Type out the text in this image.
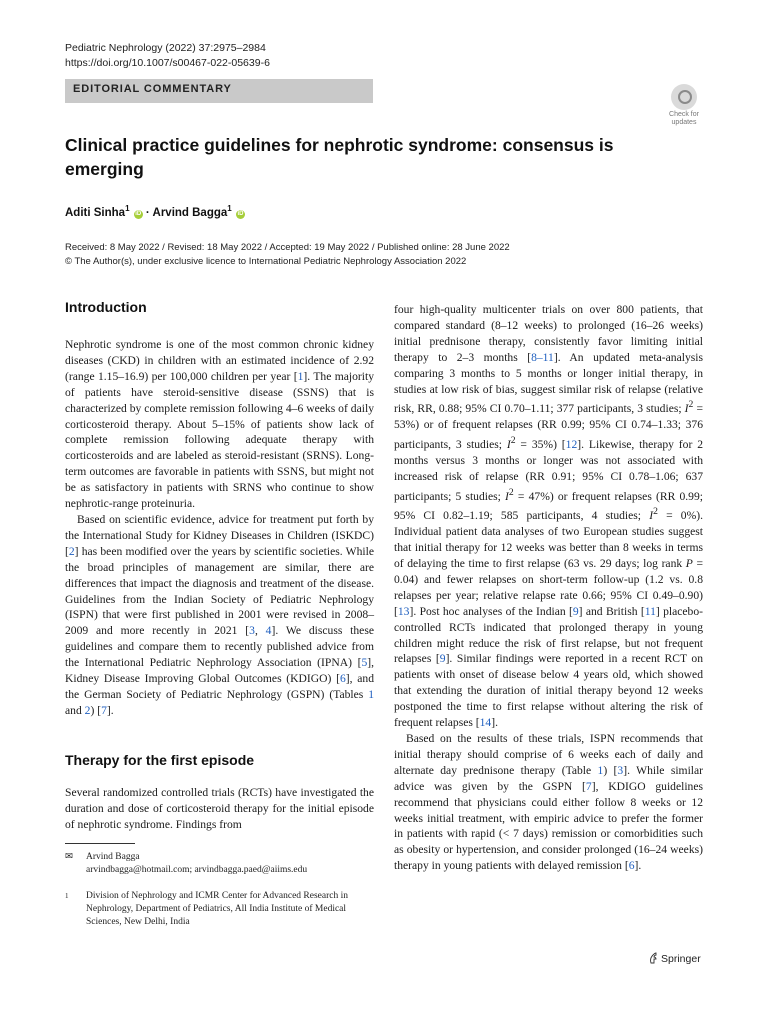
Pediatric Nephrology (2022) 37:2975–2984
https://doi.org/10.1007/s00467-022-05639-6
EDITORIAL COMMENTARY
Check for updates
Clinical practice guidelines for nephrotic syndrome: consensus is emerging
Aditi Sinha$^1$ iD · Arvind Bagga$^1$ iD
Received: 8 May 2022 / Revised: 18 May 2022 / Accepted: 19 May 2022 / Published online: 28 June 2022
© The Author(s), under exclusive licence to International Pediatric Nephrology Association 2022
Introduction

Nephrotic syndrome is one of the most common chronic kidney diseases (CKD) in children with an estimated incidence of 2.92 (range 1.15–16.9) per 100,000 children per year [1]. The majority of patients have steroid-sensitive disease (SSNS) that is characterized by complete remission following 4–6 weeks of daily corticosteroid therapy. About 5–15% of patients show lack of complete remission following adequate therapy with corticosteroids and are labeled as steroid-resistant (SRNS). Long-term outcomes are favorable in patients with SSNS, but might not be as satisfactory in patients with SRNS who continue to show nephrotic-range proteinuria.

Based on scientific evidence, advice for treatment put forth by the International Study for Kidney Diseases in Children (ISKDC) [2] has been modified over the years by scientific societies. While the broad principles of management are similar, there are differences that impact the diagnosis and treatment of the disease. Guidelines from the Indian Society of Pediatric Nephrology (ISPN) that were first published in 2001 were revised in 2008–2009 and more recently in 2021 [3, 4]. We discuss these guidelines and compare them to recently published advice from the International Pediatric Nephrology Association (IPNA) [5], Kidney Disease Improving Global Outcomes (KDIGO) [6], and the German Society of Pediatric Nephrology (GSPN) (Tables 1 and 2) [7].

Therapy for the first episode

Several randomized controlled trials (RCTs) have investigated the duration and dose of corticosteroid therapy for the initial episode of nephrotic syndrome. Findings from

✉	Arvind Bagga
arvindbagga@hotmail.com; arvindbagga.paed@aiims.edu
1	Division of Nephrology and ICMR Center for Advanced Research in Nephrology, Department of Pediatrics, All India Institute of Medical Sciences, New Delhi, India

four high-quality multicenter trials on over 800 patients, that compared standard (8–12 weeks) to prolonged (16–26 weeks) initial prednisone therapy, consistently favor limiting initial therapy to 2–3 months [8–11]. An updated meta-analysis comparing 3 months to 5 months or longer initial therapy, in studies at low risk of bias, suggest similar risk of relapse (relative risk, RR, 0.88; 95% CI 0.70–1.11; 377 participants, 3 studies; $I^2 = 53\%$) or of frequent relapses (RR 0.99; 95% CI 0.74–1.33; 376 participants, 3 studies; $I^2 = 35\%$) [12]. Likewise, therapy for 2 months versus 3 months or longer was not associated with increased risk of relapse (RR 0.91; 95% CI 0.78–1.06; 637 participants; 5 studies; $I^2 = 47\%$) or frequent relapses (RR 0.99; 95% CI 0.82–1.19; 585 participants, 4 studies; $I^2 = 0\%$). Individual patient data analyses of two European studies suggest that initial therapy for 12 weeks was better than 8 weeks in terms of delaying the time to first relapse (63 vs. 29 days; log rank P = 0.04) and fewer relapses on short-term follow-up (1.2 vs. 0.8 relapses per year; relative relapse rate 0.66; 95% CI 0.49–0.90) [13]. Post hoc analyses of the Indian [9] and British [11] placebo-controlled RCTs indicated that prolonged therapy in young children might reduce the risk of first relapse, but not frequent relapses [9]. Similar findings were reported in a recent RCT on patients with onset of disease below 4 years old, which showed that extending the duration of initial therapy beyond 12 weeks postponed the time to first relapse without altering the risk of frequent relapses [14].

Based on the results of these trials, ISPN recommends that initial therapy should comprise of 6 weeks each of daily and alternate day prednisone therapy (Table 1) [3]. While similar advice was given by the GSPN [7], KDIGO guidelines recommend that physicians could either follow 8 weeks or 12 weeks initial treatment, with empiric advice to prefer the former in patients with rapid (< 7 days) remission or comorbidities such as obesity or hypertension, and consider prolonged (16–24 weeks) therapy in young patients with delayed remission [6].

Springer
